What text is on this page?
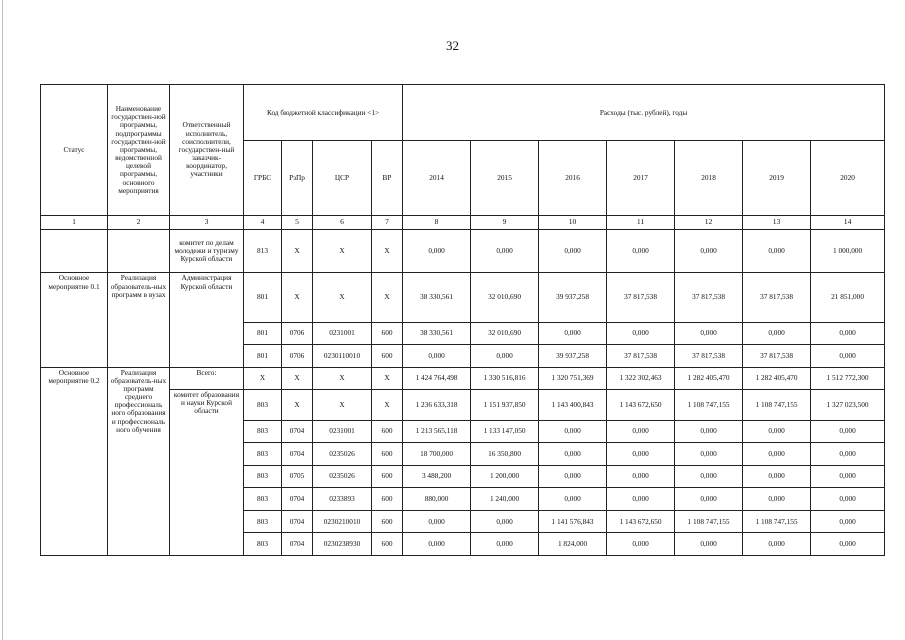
32
Статус	Наименование государствен-ной программы, подпрограммы государствен-ной программы, ведомственной целевой программы, основного мероприятия	Ответственный исполнитель, соисполнители, государствен-ный заказчик-координатор, участники	Код бюджетной классификации <1>				Расходы (тыс. рублей), годы						
			ГРБС	РзПр	ЦСР	ВР	2014	2015	2016	2017	2018	2019	2020
1	2	3	4	5	6	7	8	9	10	11	12	13	14
		комитет по делам молодежи и туризму Курской области	813	Х	Х	Х	0,000	0,000	0,000	0,000	0,000	0,000	1 000,000
Основное мероприятие 0.1	Реализация образователь-ных программ в вузах	Администрация Курской области	801	Х	Х	Х	38 330,561	32 010,690	39 937,258	37 817,538	37 817,538	37 817,538	21 851,000
			801	0706	0231001	600	38 330,561	32 010,690	0,000	0,000	0,000	0,000	0,000
			801	0706	0230110010	600	0,000	0,000	39 937,258	37 817,538	37 817,538	37 817,538	0,000
Основное мероприятие 0.2	Реализация образователь-ных программ среднего профессиональ ного образования и профессиональ ного обучения	Всего:	Х	Х	Х	Х	1 424 764,498	1 330 516,816	1 320 751,369	1 322 302,463	1 282 405,470	1 282 405,470	1 512 772,300
		комитет образования и науки Курской области	803	Х	Х	Х	1 236 633,318	1 151 937,850	1 143 400,843	1 143 672,650	1 108 747,155	1 108 747,155	1 327 023,500
			803	0704	0231001	600	1 213 565,118	1 133 147,050	0,000	0,000	0,000	0,000	0,000
			803	0704	0235026	600	18 700,000	16 350,800	0,000	0,000	0,000	0,000	0,000
			803	0705	0235026	600	3 488,200	1 200,000	0,000	0,000	0,000	0,000	0,000
			803	0704	0233893	600	880,000	1 240,000	0,000	0,000	0,000	0,000	0,000
			803	0704	0230210010	600	0,000	0,000	1 141 576,843	1 143 672,650	1 108 747,155	1 108 747,155	0,000
			803	0704	0230238930	600	0,000	0,000	1 824,000	0,000	0,000	0,000	0,000
